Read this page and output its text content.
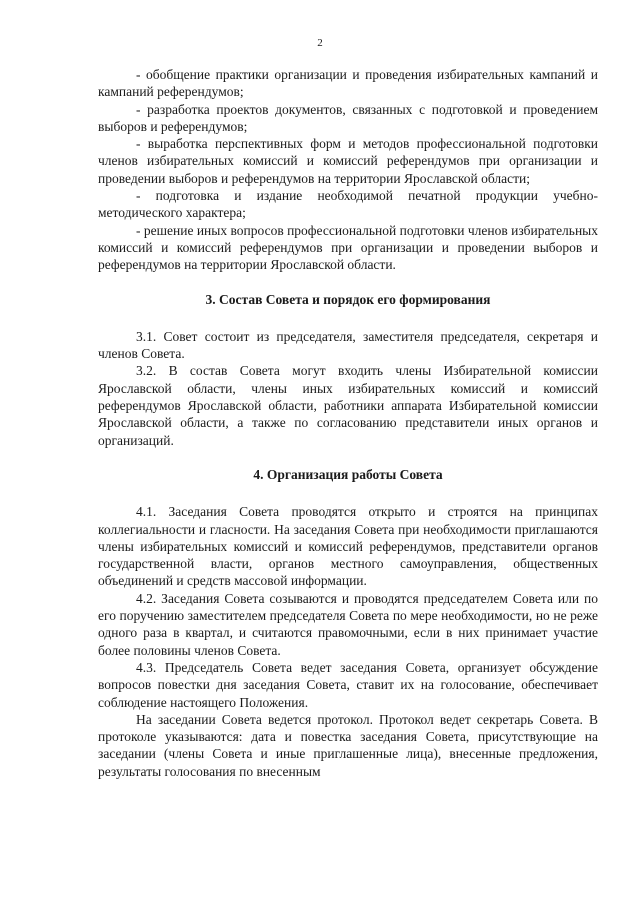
2

- обобщение практики организации и проведения избирательных кампаний и кампаний референдумов;

- разработка проектов документов, связанных с подготовкой и проведением выборов и референдумов;

- выработка перспективных форм и методов профессиональной подготовки членов избирательных комиссий и комиссий референдумов при организации и проведении выборов и референдумов на территории Ярославской области;

- подготовка и издание необходимой печатной продукции учебно-методического характера;

- решение иных вопросов профессиональной подготовки членов избирательных комиссий и комиссий референдумов при организации и проведении выборов и референдумов на территории Ярославской области.

3. Состав Совета и порядок его формирования

3.1. Совет состоит из председателя, заместителя председателя, секретаря и членов Совета.

3.2. В состав Совета могут входить члены Избирательной комиссии Ярославской области, члены иных избирательных комиссий и комиссий референдумов Ярославской области, работники аппарата Избирательной комиссии Ярославской области, а также по согласованию представители иных органов и организаций.

4. Организация работы Совета

4.1. Заседания Совета проводятся открыто и строятся на принципах коллегиальности и гласности. На заседания Совета при необходимости приглашаются члены избирательных комиссий и комиссий референдумов, представители органов государственной власти, органов местного самоуправления, общественных объединений и средств массовой информации.

4.2. Заседания Совета созываются и проводятся председателем Совета или по его поручению заместителем председателя Совета по мере необходимости, но не реже одного раза в квартал, и считаются правомочными, если в них принимает участие более половины членов Совета.

4.3. Председатель Совета ведет заседания Совета, организует обсуждение вопросов повестки дня заседания Совета, ставит их на голосование, обеспечивает соблюдение настоящего Положения.

На заседании Совета ведется протокол. Протокол ведет секретарь Совета. В протоколе указываются: дата и повестка заседания Совета, присутствующие на заседании (члены Совета и иные приглашенные лица), внесенные предложения, результаты голосования по внесенным
